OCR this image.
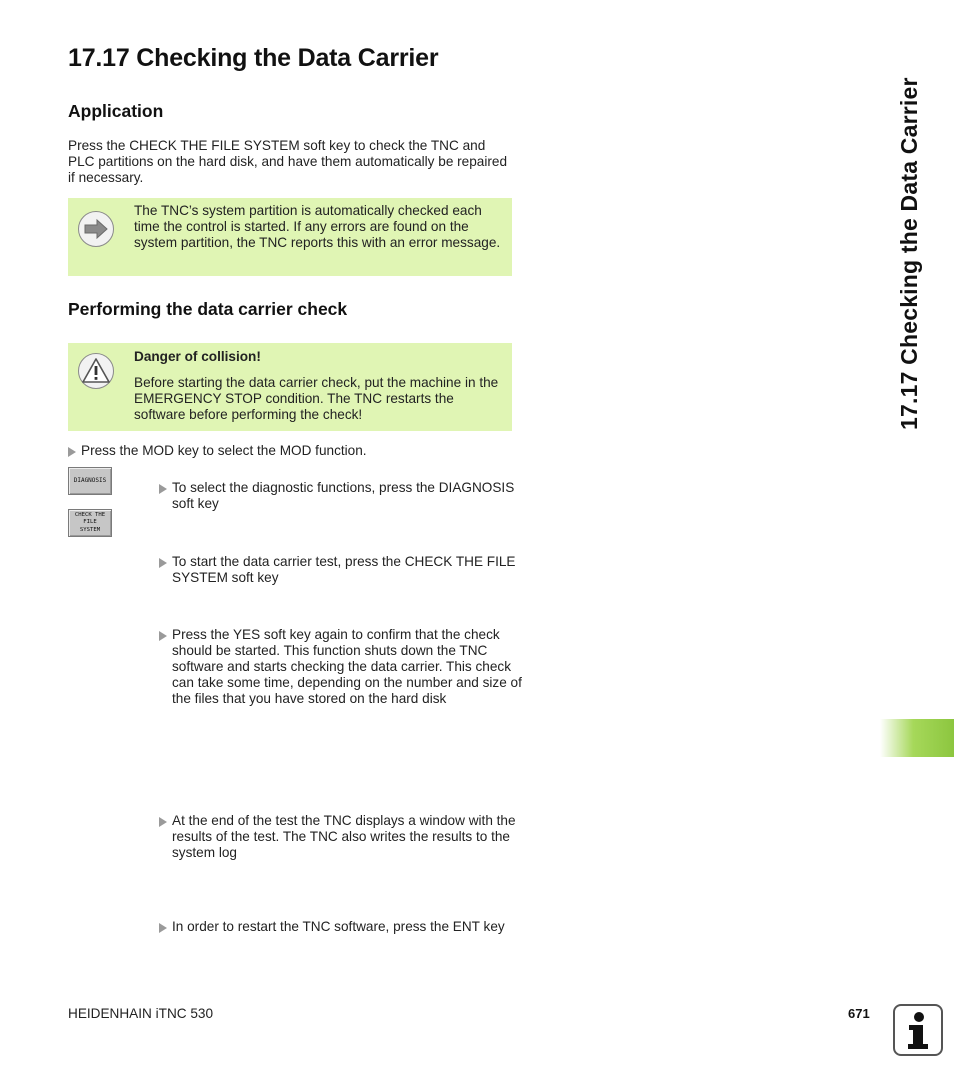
17.17 Checking the Data Carrier
Application
Press the CHECK THE FILE SYSTEM soft key to check the TNC and PLC partitions on the hard disk, and have them automatically be repaired if necessary.
The TNC’s system partition is automatically checked each time the control is started. If any errors are found on the system partition, the TNC reports this with an error message.
Performing the data carrier check
Danger of collision!
Before starting the data carrier check, put the machine in the EMERGENCY STOP condition. The TNC restarts the software before performing the check!
Press the MOD key to select the MOD function.
DIAGNOSIS
CHECK THE FILE SYSTEM
To select the diagnostic functions, press the DIAGNOSIS soft key
To start the data carrier test, press the CHECK THE FILE SYSTEM soft key
Press the YES soft key again to confirm that the check should be started. This function shuts down the TNC software and starts checking the data carrier. This check can take some time, depending on the number and size of the files that you have stored on the hard disk
At the end of the test the TNC displays a window with the results of the test. The TNC also writes the results to the system log
In order to restart the TNC software, press the ENT key
17.17 Checking the Data Carrier
HEIDENHAIN iTNC 530	671
